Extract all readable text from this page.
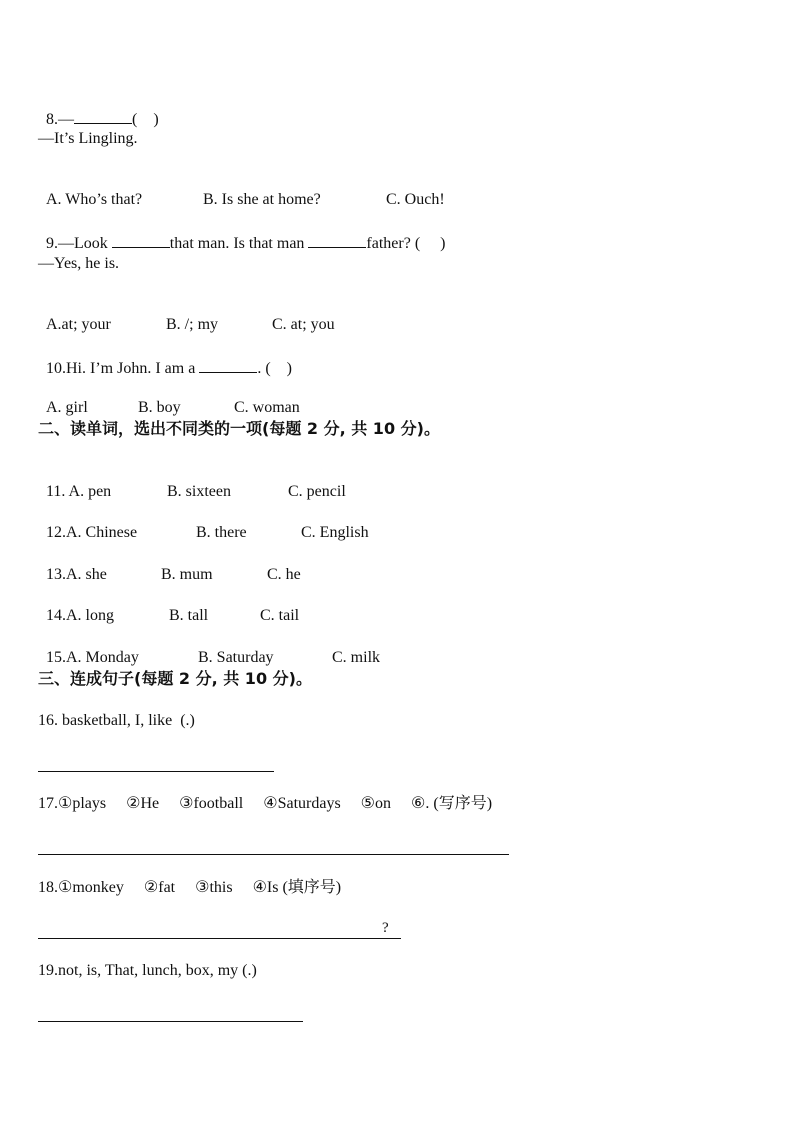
8.—	(    )

—It’s Lingling.

A. Who’s that?	B. Is she at home?	C. Ouch!

9.—Look	that man. Is that man	father? (     )

—Yes, he is.

A.at; your	B. /; my	C. at; you

10.Hi. I’m John. I am a	. (    )

A. girl	B. boy	C. woman

二、读单词，选出不同类的一项(每题 2 分, 共 10 分)。

11. A. pen	B. sixteen	C. pencil

12.A. Chinese	B. there	C. English

13.A. she	B. mum	C. he

14.A. long	B. tall	C. tail

15.A. Monday	B. Saturday	C. milk

三、连成句子(每题 2 分, 共 10 分)。
16. basketball, I, like  (.)
17.①plays     ②He     ③football     ④Saturdays     ⑤on     ⑥. (写序号)
18.①monkey     ②fat     ③this     ④Is (填序号)
?
19.not, is, That, lunch, box, my (.)
